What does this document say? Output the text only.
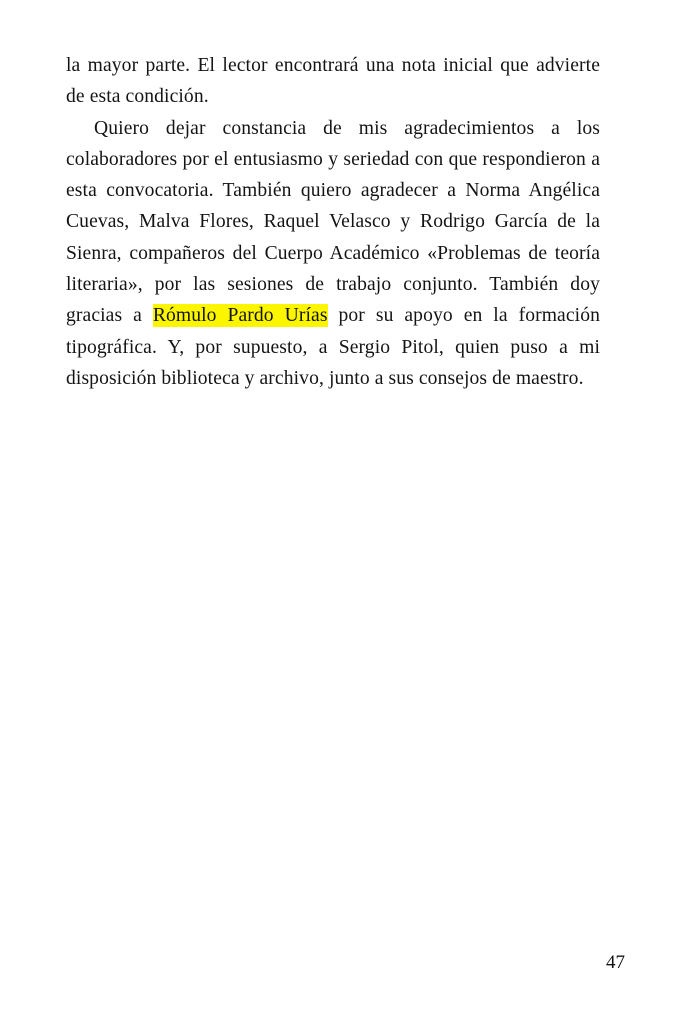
la mayor parte. El lector encontrará una nota inicial que advierte de esta condición.

Quiero dejar constancia de mis agradecimientos a los colaboradores por el entusiasmo y seriedad con que respondieron a esta convocatoria. También quiero agradecer a Norma Angélica Cuevas, Malva Flores, Raquel Velasco y Rodrigo García de la Sienra, compañeros del Cuerpo Académico «Problemas de teoría literaria», por las sesiones de trabajo conjunto. También doy gracias a Rómulo Pardo Urías por su apoyo en la formación tipográfica. Y, por supuesto, a Sergio Pitol, quien puso a mi disposición biblioteca y archivo, junto a sus consejos de maestro.

47
